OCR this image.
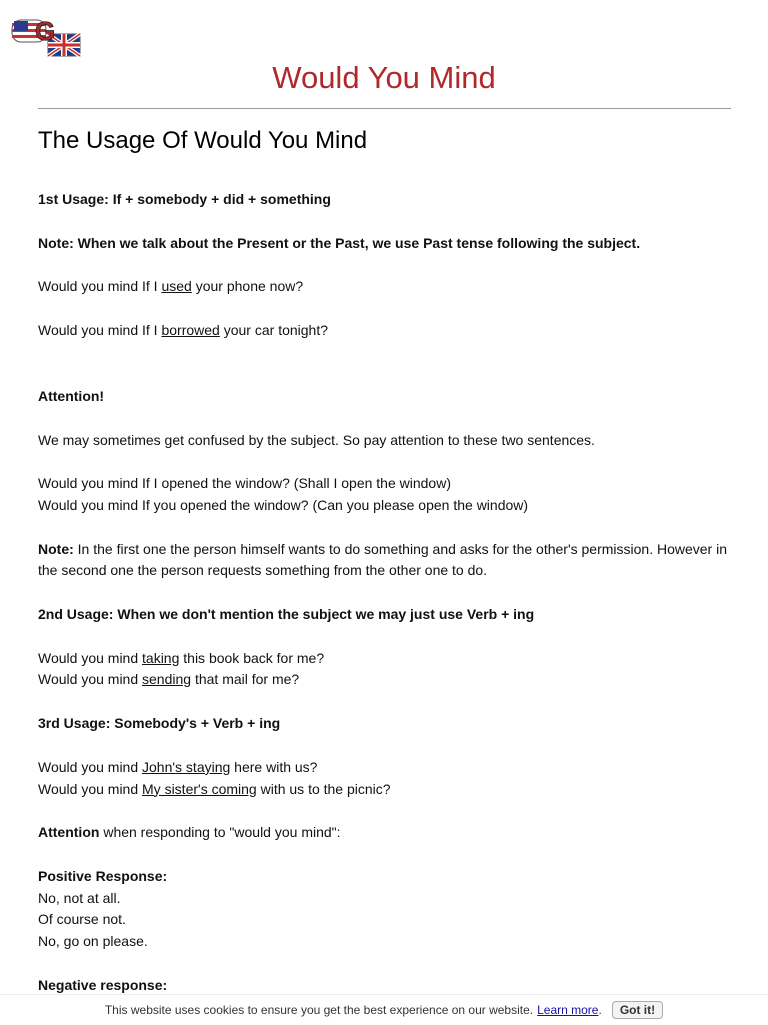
G
Would You Mind
The Usage Of Would You Mind

1st Usage: If + somebody + did + something

Note: When we talk about the Present or the Past, we use Past tense following the subject.

Would you mind If I used your phone now?

Would you mind If I borrowed your car tonight?

Attention!

We may sometimes get confused by the subject. So pay attention to these two sentences.

Would you mind If I opened the window? (Shall I open the window)

Would you mind If you opened the window? (Can you please open the window)

Note: In the first one the person himself wants to do something and asks for the other's permission. However in the second one the person requests something from the other one to do.

2nd Usage: When we don't mention the subject we may just use Verb + ing

Would you mind taking this book back for me?

Would you mind sending that mail for me?

3rd Usage: Somebody's + Verb + ing

Would you mind John's staying here with us?

Would you mind My sister's coming with us to the picnic?

Attention when responding to "would you mind":

Positive Response:

No, not at all.

Of course not.

No, go on please.

Negative response:

This website uses cookies to ensure you get the best experience on our website. Learn more .	Got it!
